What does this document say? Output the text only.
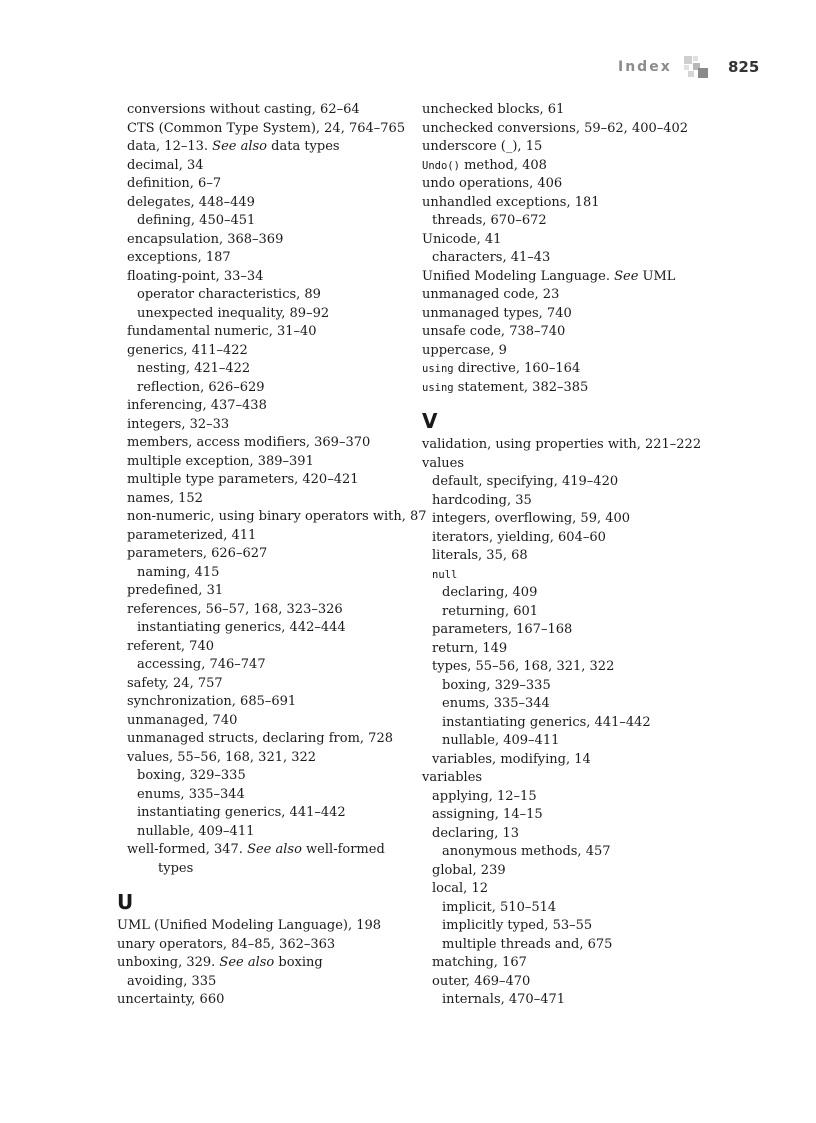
Index	825
conversions without casting, 62–64
CTS (Common Type System), 24, 764–765
data, 12–13. See also data types
decimal, 34
definition, 6–7
delegates, 448–449
defining, 450–451
encapsulation, 368–369
exceptions, 187
floating-point, 33–34
operator characteristics, 89
unexpected inequality, 89–92
fundamental numeric, 31–40
generics, 411–422
nesting, 421–422
reflection, 626–629
inferencing, 437–438
integers, 32–33
members, access modifiers, 369–370
multiple exception, 389–391
multiple type parameters, 420–421
names, 152
non-numeric, using binary operators with, 87
parameterized, 411
parameters, 626–627
naming, 415
predefined, 31
references, 56–57, 168, 323–326
instantiating generics, 442–444
referent, 740
accessing, 746–747
safety, 24, 757
synchronization, 685–691
unmanaged, 740
unmanaged structs, declaring from, 728
values, 55–56, 168, 321, 322
boxing, 329–335
enums, 335–344
instantiating generics, 441–442
nullable, 409–411
well-formed, 347. See also well-formed
types
U
UML (Unified Modeling Language), 198
unary operators, 84–85, 362–363
unboxing, 329. See also boxing
avoiding, 335
uncertainty, 660
unchecked blocks, 61
unchecked conversions, 59–62, 400–402
underscore (_), 15
Undo() method, 408
undo operations, 406
unhandled exceptions, 181
threads, 670–672
Unicode, 41
characters, 41–43
Unified Modeling Language. See UML
unmanaged code, 23
unmanaged types, 740
unsafe code, 738–740
uppercase, 9
using directive, 160–164
using statement, 382–385
V
validation, using properties with, 221–222
values
default, specifying, 419–420
hardcoding, 35
integers, overflowing, 59, 400
iterators, yielding, 604–60
literals, 35, 68
null
declaring, 409
returning, 601
parameters, 167–168
return, 149
types, 55–56, 168, 321, 322
boxing, 329–335
enums, 335–344
instantiating generics, 441–442
nullable, 409–411
variables, modifying, 14
variables
applying, 12–15
assigning, 14–15
declaring, 13
anonymous methods, 457
global, 239
local, 12
implicit, 510–514
implicitly typed, 53–55
multiple threads and, 675
matching, 167
outer, 469–470
internals, 470–471
